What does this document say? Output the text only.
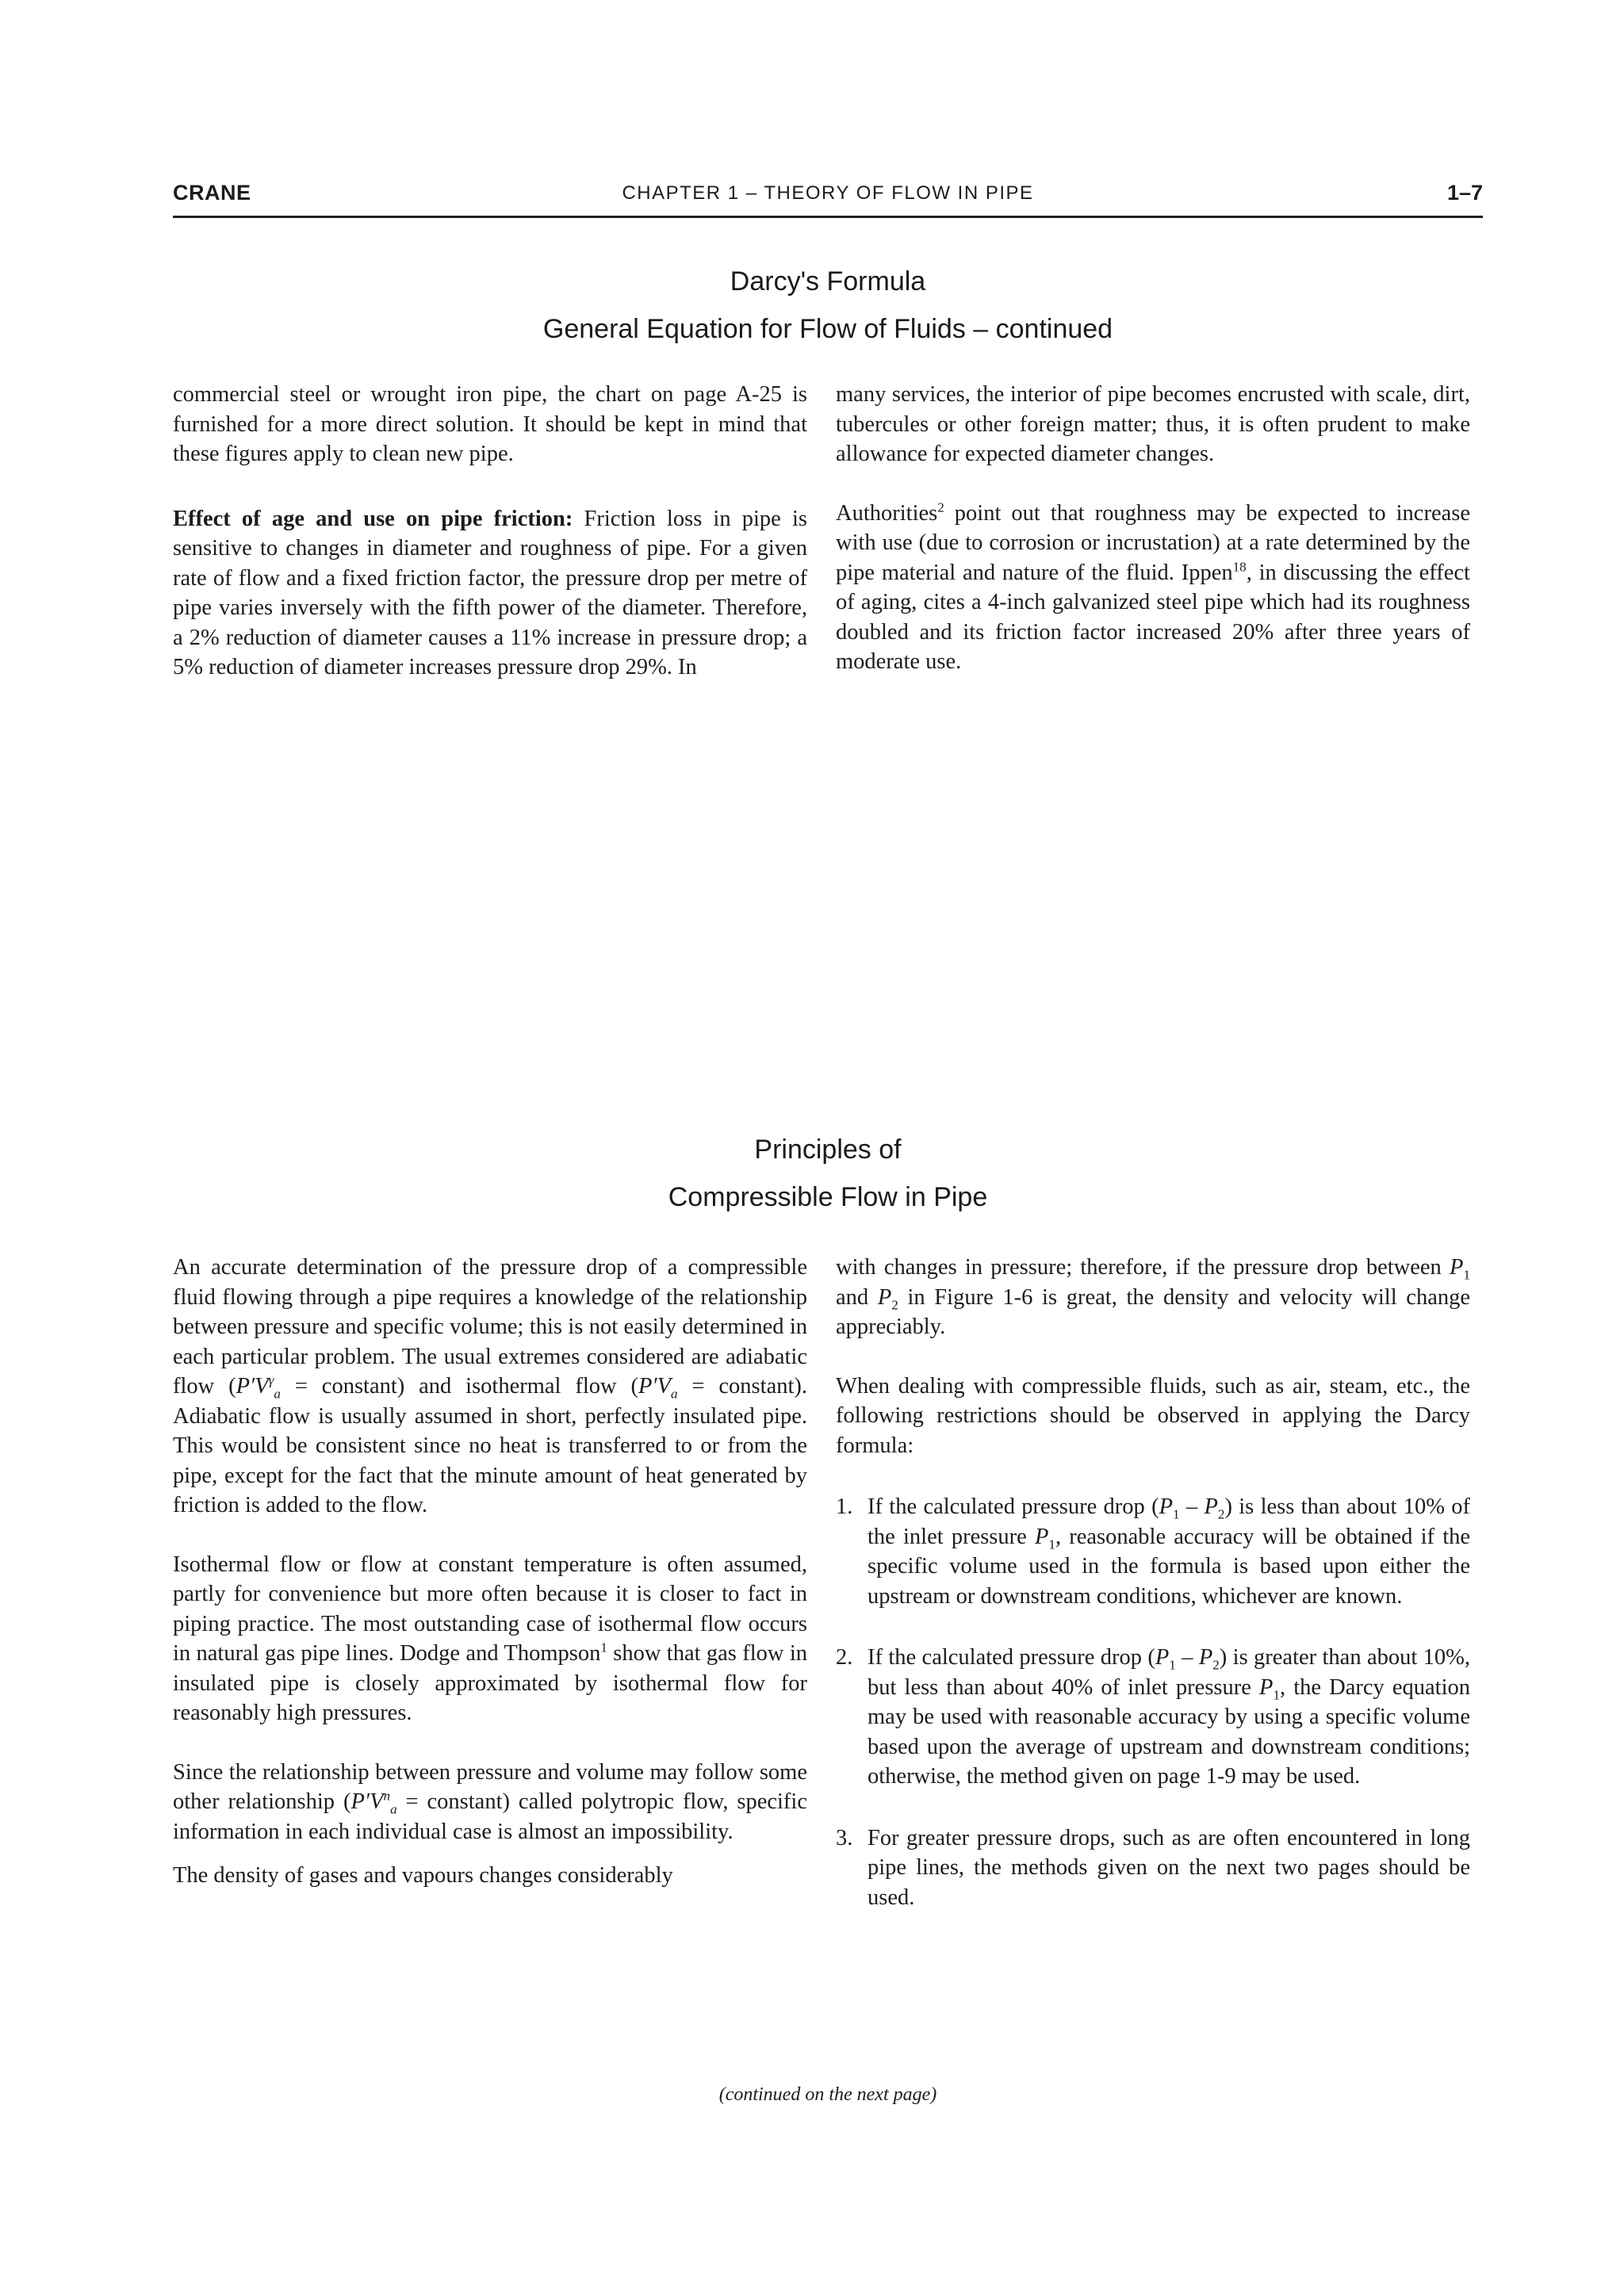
CRANE	CHAPTER 1 – THEORY OF FLOW IN PIPE	1–7
Darcy's Formula
General Equation for Flow of Fluids – continued

commercial steel or wrought iron pipe, the chart on page A-25 is furnished for a more direct solution. It should be kept in mind that these figures apply to clean new pipe.

Effect of age and use on pipe friction: Friction loss in pipe is sensitive to changes in diameter and roughness of pipe. For a given rate of flow and a fixed friction factor, the pressure drop per metre of pipe varies inversely with the fifth power of the diameter. Therefore, a 2% reduction of diameter causes a 11% increase in pressure drop; a 5% reduction of diameter increases pressure drop 29%. In

many services, the interior of pipe becomes encrusted with scale, dirt, tubercules or other foreign matter; thus, it is often prudent to make allowance for expected diameter changes.

Authorities$^2$ point out that roughness may be expected to increase with use (due to corrosion or incrustation) at a rate determined by the pipe material and nature of the fluid. Ippen$^{18}$, in discussing the effect of aging, cites a 4-inch galvanized steel pipe which had its roughness doubled and its friction factor increased 20% after three years of moderate use.

Principles of
Compressible Flow in Pipe

An accurate determination of the pressure drop of a compressible fluid flowing through a pipe requires a knowledge of the relationship between pressure and specific volume; this is not easily determined in each particular problem. The usual extremes considered are adiabatic flow ($P'V^\gamma_a$ = constant) and isothermal flow ($P'V_a$ = constant). Adiabatic flow is usually assumed in short, perfectly insulated pipe. This would be consistent since no heat is transferred to or from the pipe, except for the fact that the minute amount of heat generated by friction is added to the flow.

Isothermal flow or flow at constant temperature is often assumed, partly for convenience but more often because it is closer to fact in piping practice. The most outstanding case of isothermal flow occurs in natural gas pipe lines. Dodge and Thompson$^1$ show that gas flow in insulated pipe is closely approximated by isothermal flow for reasonably high pressures.

Since the relationship between pressure and volume may follow some other relationship ($P'V^n_a$ = constant) called polytropic flow, specific information in each individual case is almost an impossibility.

The density of gases and vapours changes considerably

with changes in pressure; therefore, if the pressure drop between $P_1$ and $P_2$ in Figure 1-6 is great, the density and velocity will change appreciably.

When dealing with compressible fluids, such as air, steam, etc., the following restrictions should be observed in applying the Darcy formula:

1. If the calculated pressure drop $(P_1 - P_2)$ is less than about 10% of the inlet pressure $P_1$, reasonable accuracy will be obtained if the specific volume used in the formula is based upon either the upstream or downstream conditions, whichever are known.
2. If the calculated pressure drop $(P_1 - P_2)$ is greater than about 10%, but less than about 40% of inlet pressure $P_1$, the Darcy equation may be used with reasonable accuracy by using a specific volume based upon the average of upstream and downstream conditions; otherwise, the method given on page 1-9 may be used.
3. For greater pressure drops, such as are often encountered in long pipe lines, the methods given on the next two pages should be used.
(continued on the next page)
